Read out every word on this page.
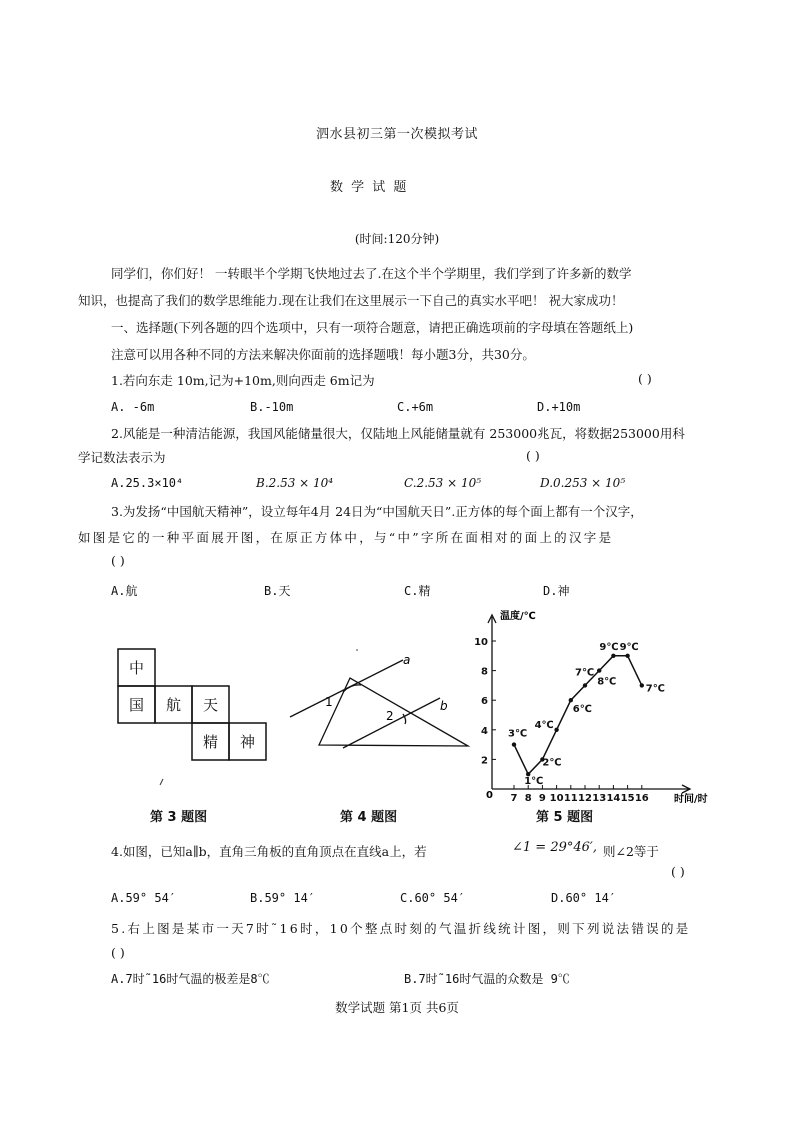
泗水县初三第一次模拟考试
数 学 试 题
(时间:120分钟)
同学们，你们好！ 一转眼半个学期飞快地过去了.在这个半个学期里，我们学到了许多新的数学
知识，也提高了我们的数学思维能力.现在让我们在这里展示一下自己的真实水平吧！ 祝大家成功！
一、选择题(下列各题的四个选项中，只有一项符合题意，请把正确选项前的字母填在答题纸上)
注意可以用各种不同的方法来解决你面前的选择题哦！每小题3分，共30分。
1.若向东走 10m,记为+10m,则向西走 6m记为	( )
A. -6m	B.-10m	C.+6m	D.+10m
2.风能是一种清洁能源，我国风能储量很大，仅陆地上风能储量就有 253000兆瓦，将数据253000用科
学记数法表示为	( )
A.25.3×10⁴	B.2.53 × 10⁴	C.2.53 × 10⁵	D.0.253 × 10⁵
3.为发扬“中国航天精神”，设立每年4月 24日为“中国航天日”.正方体的每个面上都有一个汉字，
如图是它的一种平面展开图，在原正方体中，与“中”字所在面相对的面上的汉字是
( )
A.航	B.天	C.精	D.神
中
国 航 天
精 神
第 3 题图
a
b
1
2
第 4 题图
2
4
6
8
10
7 8 9 10 11 12 13 14 15 16
3℃
1℃
2℃
4℃
6℃
7℃
8℃
9℃ 9℃
7℃
温度/℃
时间/时
0
第 5 题图
4.如图，已知a∥b，直角三角板的直角顶点在直线a上，若	∠1 = 29°46′, 则∠2等于
( )
A.59° 54′	B.59° 14′	C.60° 54′	D.60° 14′
5.右上图是某市一天7时˜16时，10个整点时刻的气温折线统计图，则下列说法错误的是
( )
A.7时˜16时气温的极差是8℃	B.7时˜16时气温的众数是 9℃
数学试题 第1页 共6页
